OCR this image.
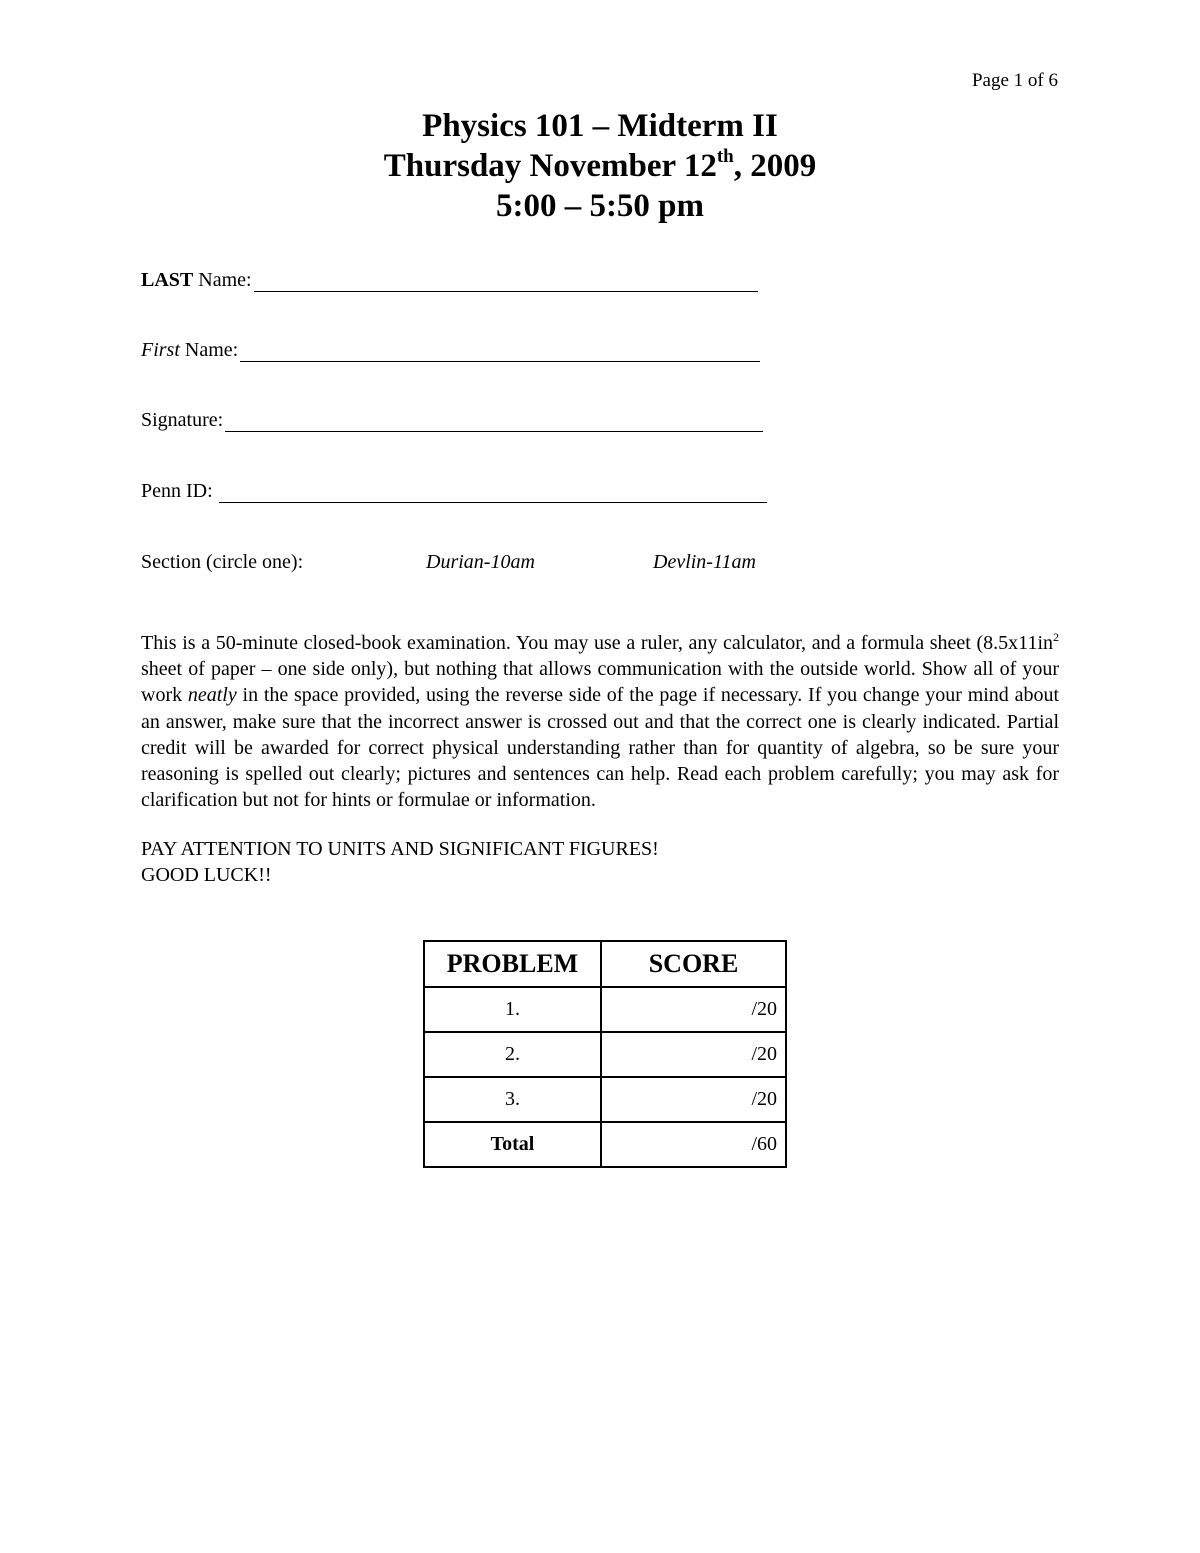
Page 1 of 6
Physics 101 – Midterm II
Thursday November 12th, 2009
5:00 – 5:50 pm
LAST Name:
First Name:
Signature:
Penn ID:
Section (circle one):	Durian-10am	Devlin-11am
This is a 50-minute closed-book examination. You may use a ruler, any calculator, and a formula sheet ($8.5x11in^2$ sheet of paper – one side only), but nothing that allows communication with the outside world. Show all of your work neatly in the space provided, using the reverse side of the page if necessary. If you change your mind about an answer, make sure that the incorrect answer is crossed out and that the correct one is clearly indicated. Partial credit will be awarded for correct physical understanding rather than for quantity of algebra, so be sure your reasoning is spelled out clearly; pictures and sentences can help. Read each problem carefully; you may ask for clarification but not for hints or formulae or information.
PAY ATTENTION TO UNITS AND SIGNIFICANT FIGURES!
GOOD LUCK!!
PROBLEM	SCORE
1.	/20
2.	/20
3.	/20
Total	/60
